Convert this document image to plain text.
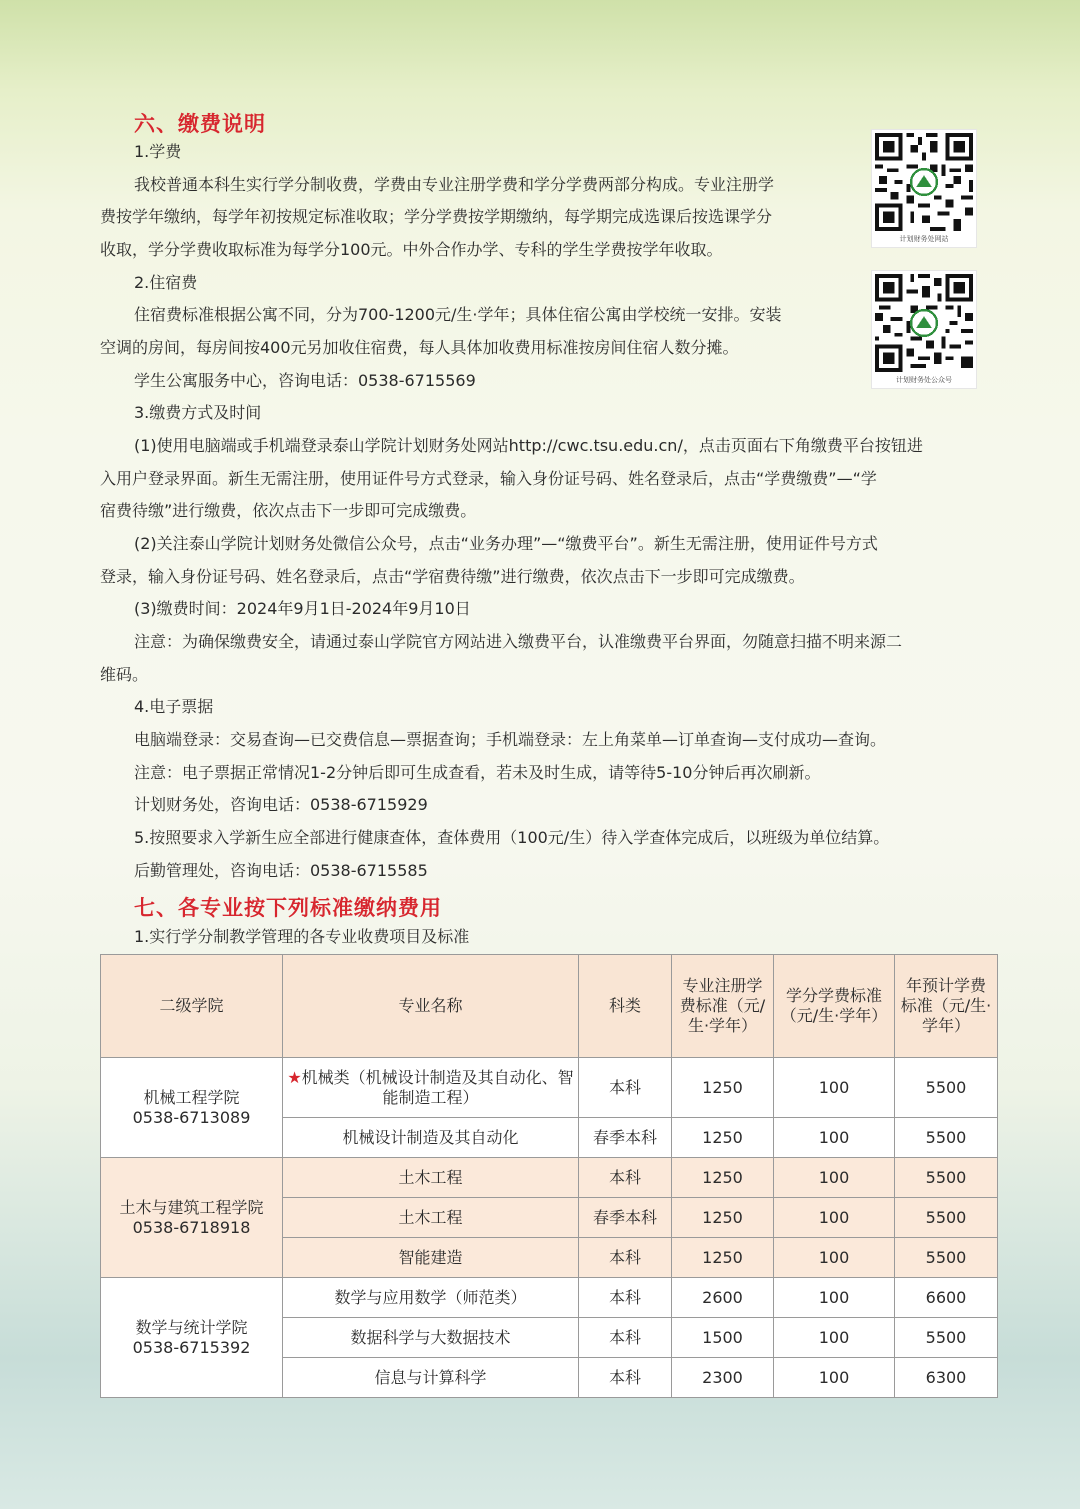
六、缴费说明
1.学费
我校普通本科生实行学分制收费，学费由专业注册学费和学分学费两部分构成。专业注册学
费按学年缴纳，每学年初按规定标准收取；学分学费按学期缴纳，每学期完成选课后按选课学分
收取，学分学费收取标准为每学分100元。中外合作办学、专科的学生学费按学年收取。
2.住宿费
住宿费标准根据公寓不同，分为700-1200元/生·学年；具体住宿公寓由学校统一安排。安装
空调的房间，每房间按400元另加收住宿费，每人具体加收费用标准按房间住宿人数分摊。
学生公寓服务中心，咨询电话：0538-6715569
3.缴费方式及时间
(1)使用电脑端或手机端登录泰山学院计划财务处网站http://cwc.tsu.edu.cn/，点击页面右下角缴费平台按钮进
入用户登录界面。新生无需注册，使用证件号方式登录，输入身份证号码、姓名登录后，点击“学费缴费”—“学
宿费待缴”进行缴费，依次点击下一步即可完成缴费。
(2)关注泰山学院计划财务处微信公众号，点击“业务办理”—“缴费平台”。新生无需注册，使用证件号方式
登录，输入身份证号码、姓名登录后，点击“学宿费待缴”进行缴费，依次点击下一步即可完成缴费。
(3)缴费时间：2024年9月1日-2024年9月10日
注意：为确保缴费安全，请通过泰山学院官方网站进入缴费平台，认准缴费平台界面，勿随意扫描不明来源二
维码。
4.电子票据
电脑端登录：交易查询—已交费信息—票据查询；手机端登录：左上角菜单—订单查询—支付成功—查询。
注意：电子票据正常情况1-2分钟后即可生成查看，若未及时生成，请等待5-10分钟后再次刷新。
计划财务处，咨询电话：0538-6715929
5.按照要求入学新生应全部进行健康查体，查体费用（100元/生）待入学查体完成后，以班级为单位结算。
后勤管理处，咨询电话：0538-6715585
计划财务处网站
计划财务处公众号
七、各专业按下列标准缴纳费用
1.实行学分制教学管理的各专业收费项目及标准
二级学院	专业名称	科类	专业注册学费标准（元/生·学年）	学分学费标准（元/生·学年）	年预计学费标准（元/生·学年）

机械工程学院
0538-6713089	★机械类（机械设计制造及其自动化、智能制造工程）	本科	1250	100	5500
	机械设计制造及其自动化	春季本科	1250	100	5500

土木与建筑工程学院
0538-6718918	土木工程	本科	1250	100	5500
	土木工程	春季本科	1250	100	5500
	智能建造	本科	1250	100	5500

数学与统计学院
0538-6715392	数学与应用数学（师范类）	本科	2600	100	6600
	数据科学与大数据技术	本科	1500	100	5500
	信息与计算科学	本科	2300	100	6300
